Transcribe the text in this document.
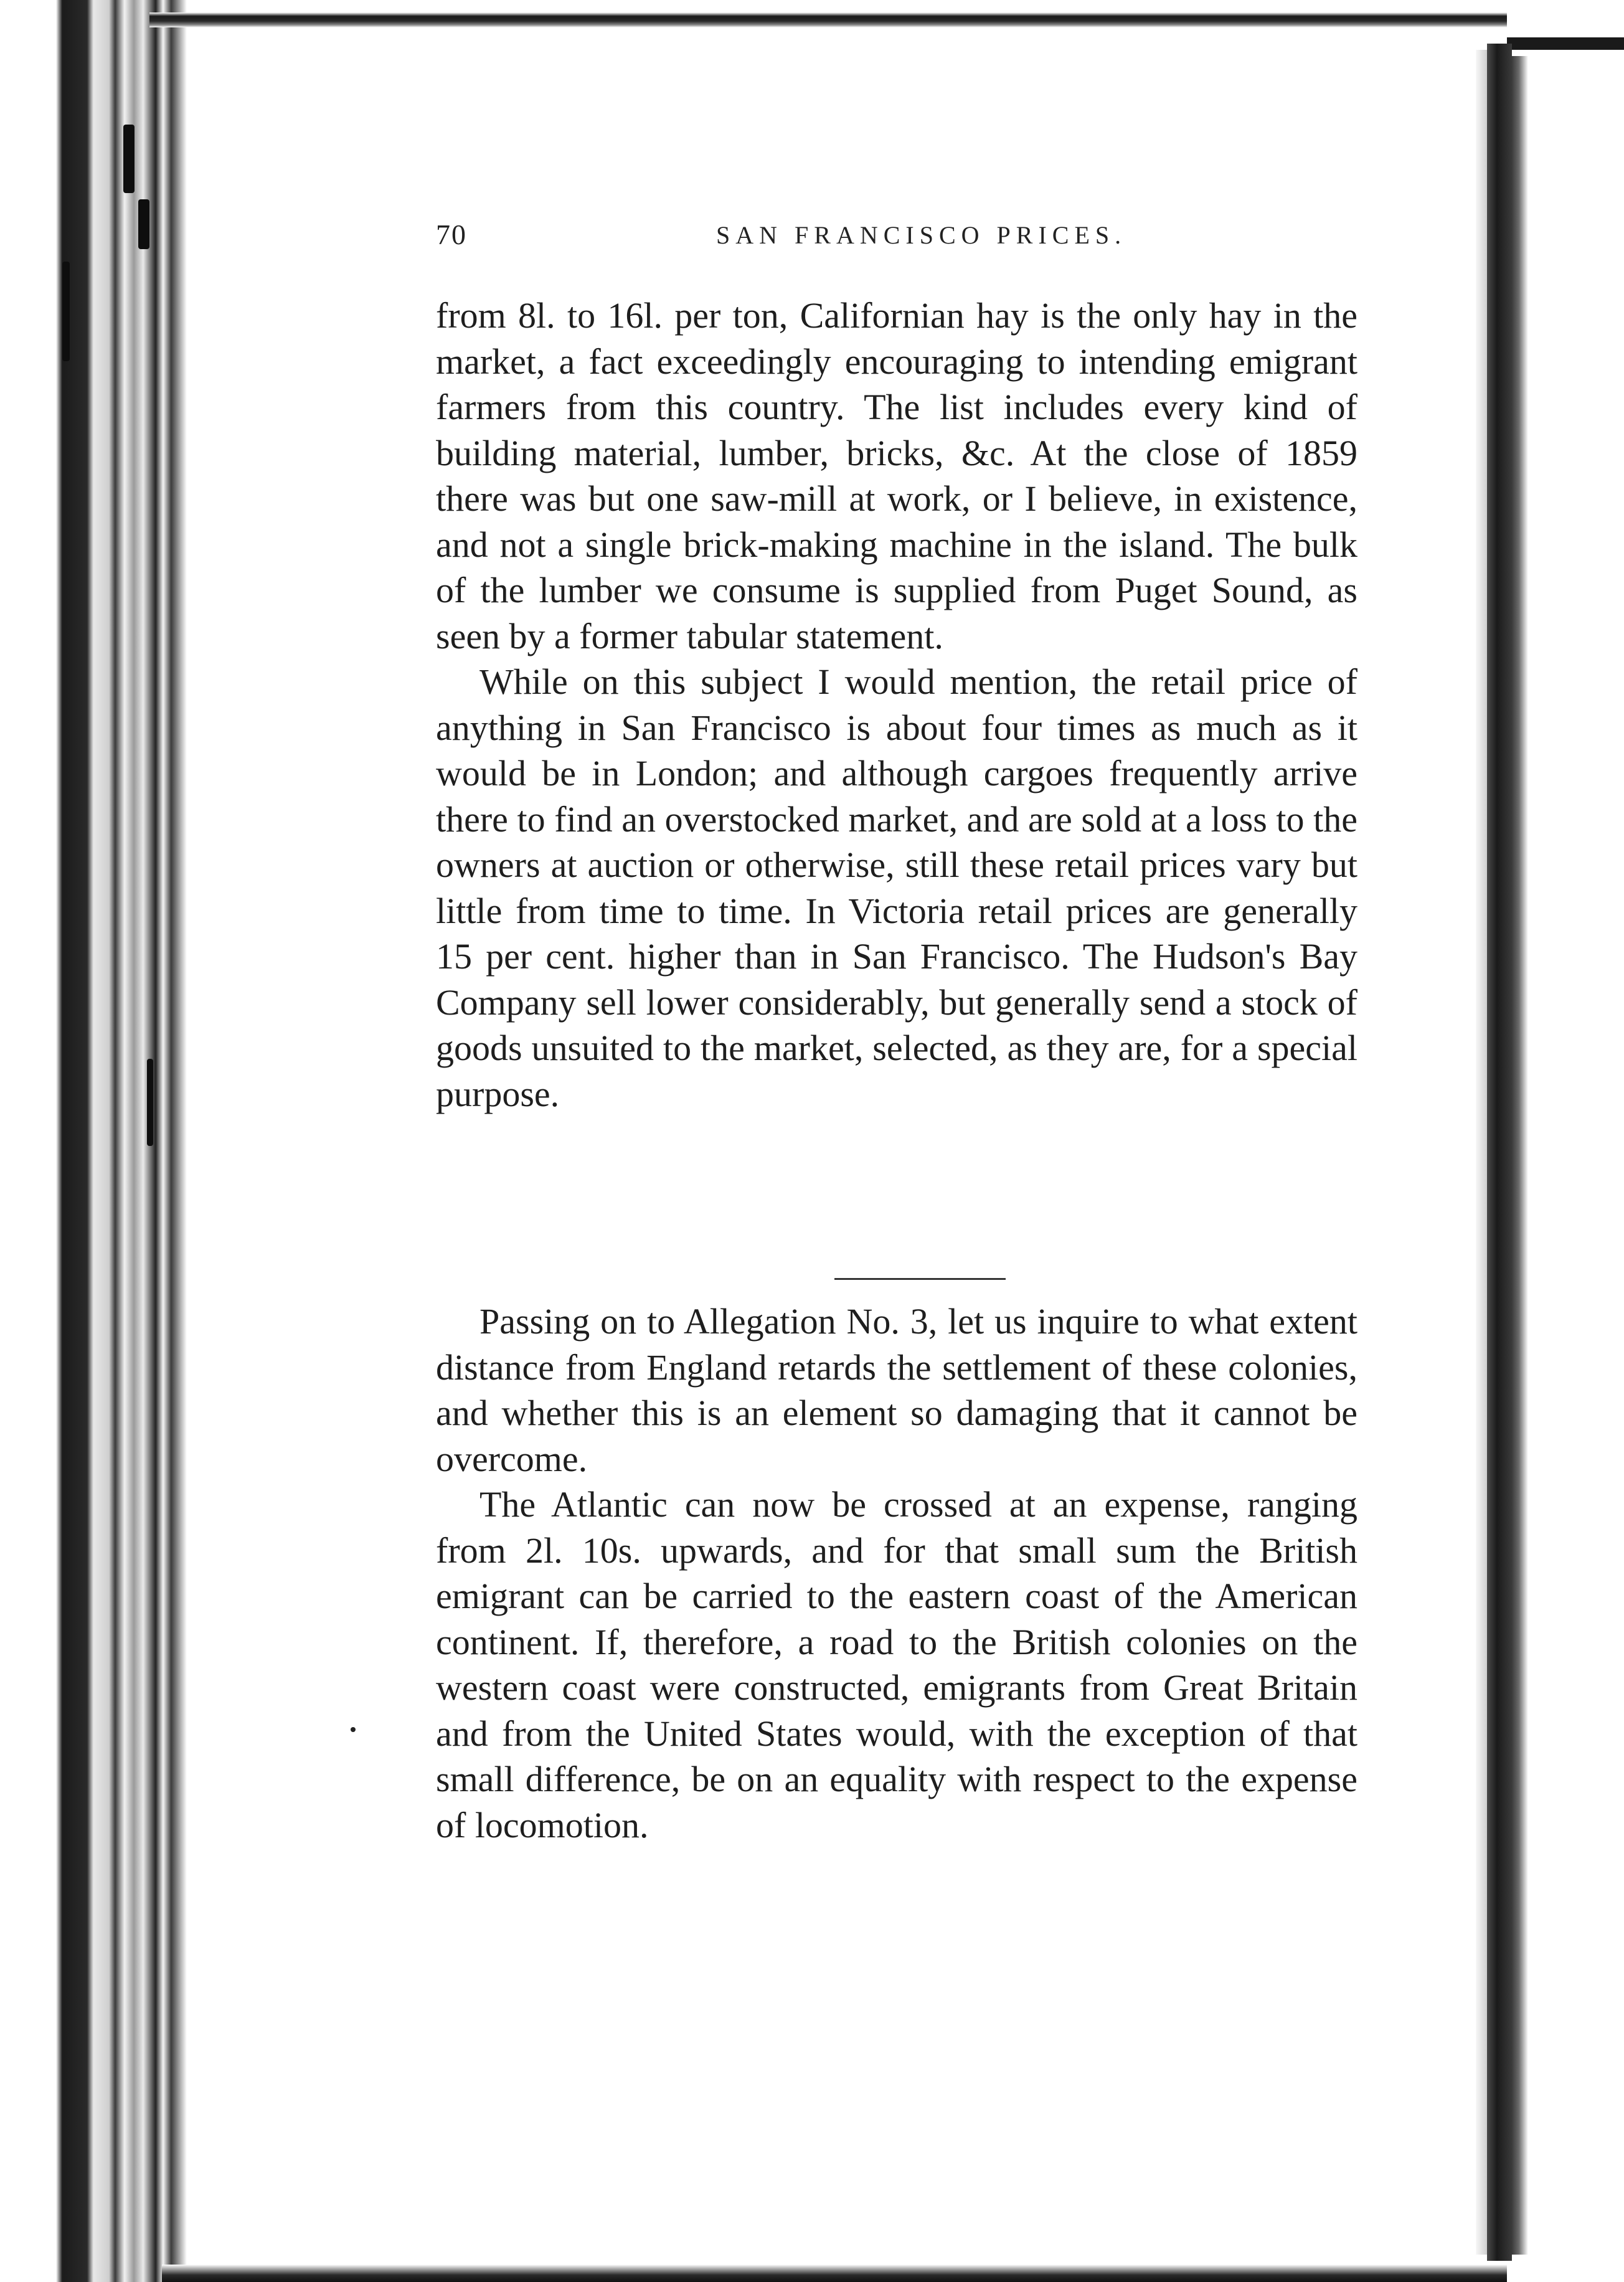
70	SAN FRANCISCO PRICES.

from 8l. to 16l. per ton, Californian hay is the only hay in the market, a fact exceedingly encouraging to intending emigrant farmers from this country. The list includes every kind of building material, lumber, bricks, &c. At the close of 1859 there was but one saw-mill at work, or I believe, in existence, and not a single brick-making machine in the island. The bulk of the lumber we consume is supplied from Puget Sound, as seen by a former tabular statement.

While on this subject I would mention, the retail price of anything in San Francisco is about four times as much as it would be in London; and although cargoes frequently arrive there to find an overstocked market, and are sold at a loss to the owners at auction or otherwise, still these retail prices vary but little from time to time. In Victoria retail prices are generally 15 per cent. higher than in San Francisco. The Hudson's Bay Company sell lower considerably, but generally send a stock of goods unsuited to the market, selected, as they are, for a special purpose.

Passing on to Allegation No. 3, let us inquire to what extent distance from England retards the settlement of these colonies, and whether this is an element so damaging that it cannot be overcome.

The Atlantic can now be crossed at an expense, ranging from 2l. 10s. upwards, and for that small sum the British emigrant can be carried to the eastern coast of the American continent. If, therefore, a road to the British colonies on the western coast were constructed, emigrants from Great Britain and from the United States would, with the exception of that small difference, be on an equality with respect to the expense of locomotion.
